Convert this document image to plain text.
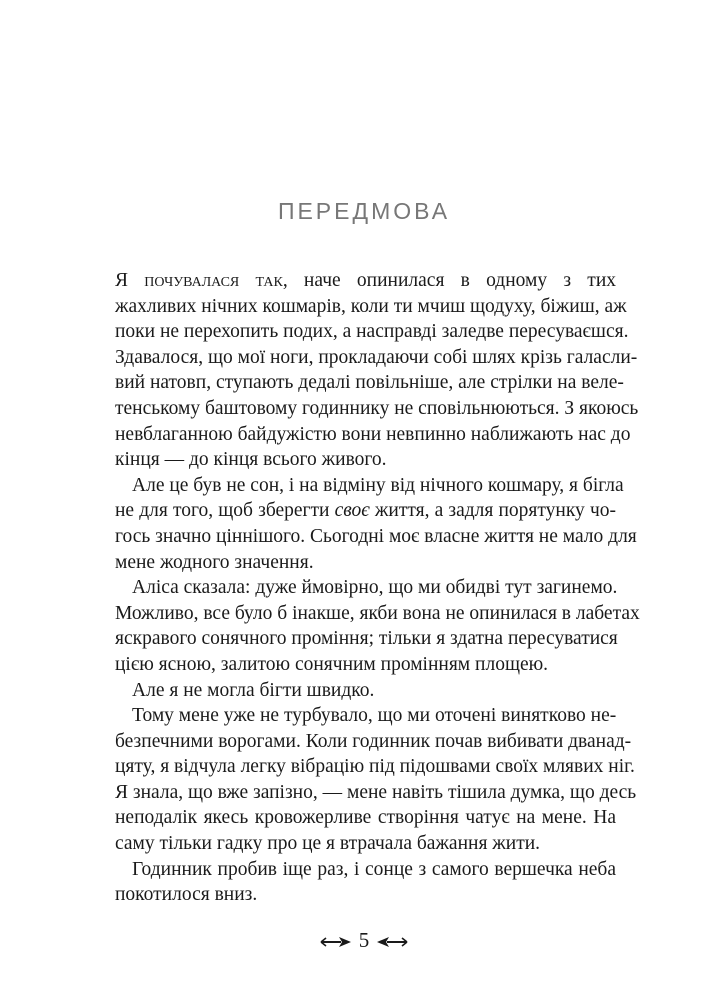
ПЕРЕДМОВА
Я почувалася так, наче опинилася в одному з тих
жахливих нічних кошмарів, коли ти мчиш щодуху, біжиш, аж
поки не перехопить подих, а насправді заледве пересуваєшся.
Здавалося, що мої ноги, прокладаючи собі шлях крізь галасли-
вий натовп, ступають дедалі повільніше, але стрілки на веле-
тенському баштовому годиннику не сповільнюються. З якоюсь
невблаганною байдужістю вони невпинно наближають нас до
кінця — до кінця всього живого.
Але це був не сон, і на відміну від нічного кошмару, я бігла
не для того, щоб зберегти своє життя, а задля порятунку чо-
гось значно ціннішого. Сьогодні моє власне життя не мало для
мене жодного значення.
Аліса сказала: дуже ймовірно, що ми обидві тут загинемо.
Можливо, все було б інакше, якби вона не опинилася в лабетах
яскравого сонячного проміння; тільки я здатна пересуватися
цією ясною, залитою сонячним промінням площею.
Але я не могла бігти швидко.
Тому мене уже не турбувало, що ми оточені винятково не-
безпечними ворогами. Коли годинник почав вибивати дванад-
цяту, я відчула легку вібрацію під підошвами своїх млявих ніг.
Я знала, що вже запізно, — мене навіть тішила думка, що десь
неподалік якесь кровожерливе створіння чатує на мене. На
саму тільки гадку про це я втрачала бажання жити.
Годинник пробив іще раз, і сонце з самого вершечка неба
покотилося вниз.
5
